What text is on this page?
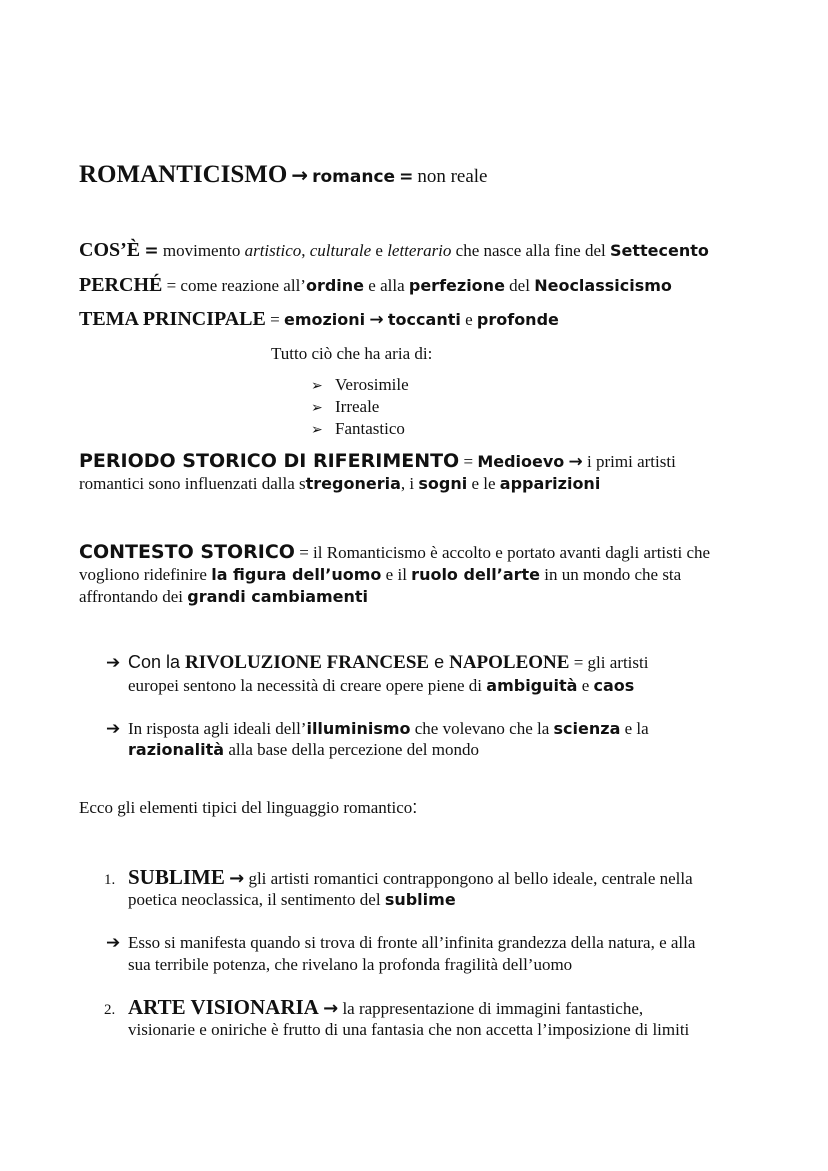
ROMANTICISMO → romance = non reale
COS’È = movimento artistico, culturale e letterario che nasce alla fine del Settecento
PERCHÉ = come reazione all’ordine e alla perfezione del Neoclassicismo
TEMA PRINCIPALE = emozioni → toccanti e profonde
Tutto ciò che ha aria di:
➢ Verosimile
➢ Irreale
➢ Fantastico
PERIODO STORICO DI RIFERIMENTO = Medioevo → i primi artisti
romantici sono influenzati dalla stregoneria, i sogni e le apparizioni
CONTESTO STORICO = il Romanticismo è accolto e portato avanti dagli artisti che
vogliono ridefinire la figura dell’uomo e il ruolo dell’arte in un mondo che sta
affrontando dei grandi cambiamenti
➔ Con la RIVOLUZIONE FRANCESE e NAPOLEONE = gli artisti
europei sentono la necessità di creare opere piene di ambiguità e caos
➔ In risposta agli ideali dell’illuminismo che volevano che la scienza e la
razionalità alla base della percezione del mondo
Ecco gli elementi tipici del linguaggio romantico:
1. SUBLIME → gli artisti romantici contrappongono al bello ideale, centrale nella
poetica neoclassica, il sentimento del sublime
➔ Esso si manifesta quando si trova di fronte all’infinita grandezza della natura, e alla
sua terribile potenza, che rivelano la profonda fragilità dell’uomo
2. ARTE VISIONARIA → la rappresentazione di immagini fantastiche,
visionarie e oniriche è frutto di una fantasia che non accetta l’imposizione di limiti
